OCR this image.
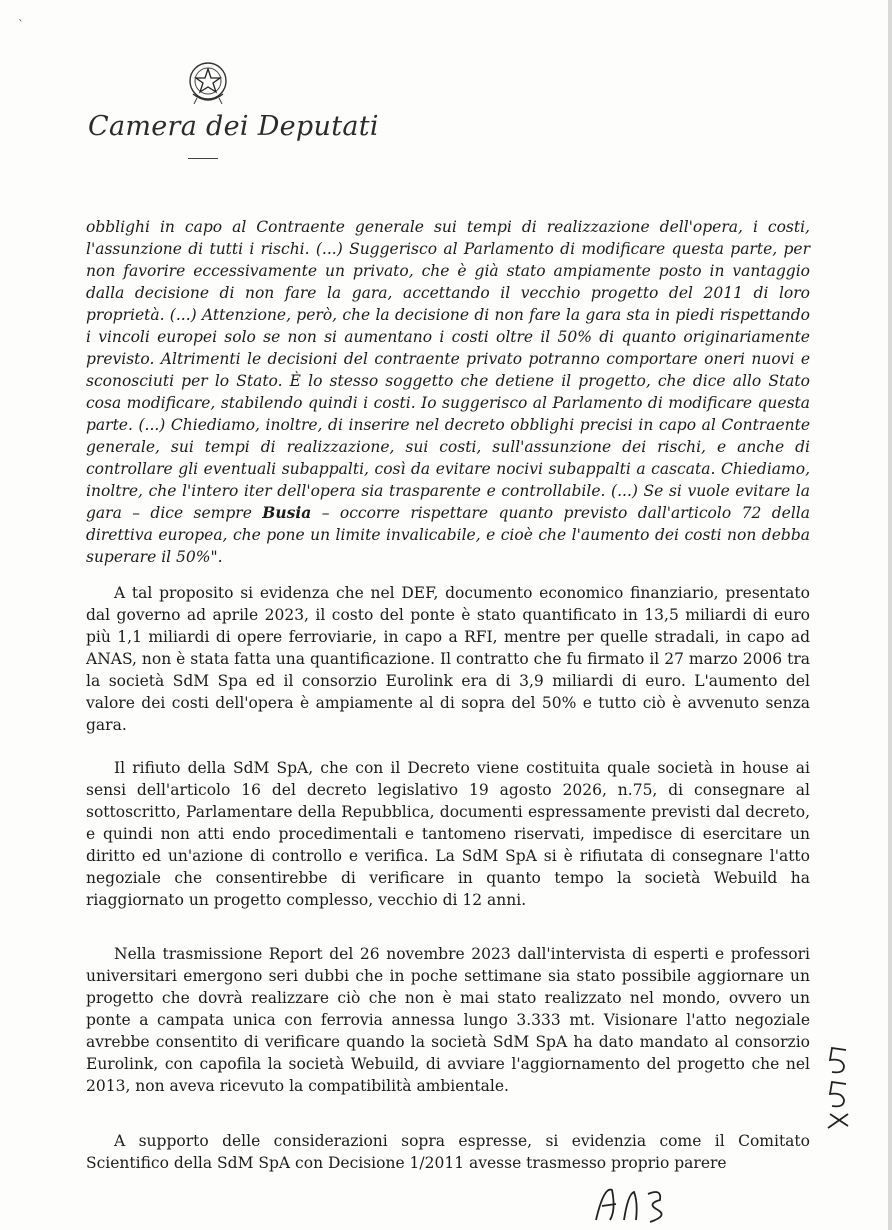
`
Camera dei Deputati
obblighi in capo al Contraente generale sui tempi di realizzazione dell'opera, i costi, l'assunzione di tutti i rischi. (...) Suggerisco al Parlamento di modificare questa parte, per non favorire eccessivamente un privato, che è già stato ampiamente posto in vantaggio dalla decisione di non fare la gara, accettando il vecchio progetto del 2011 di loro proprietà. (...) Attenzione, però, che la decisione di non fare la gara sta in piedi rispettando i vincoli europei solo se non si aumentano i costi oltre il 50% di quanto originariamente previsto. Altrimenti le decisioni del contraente privato potranno comportare oneri nuovi e sconosciuti per lo Stato. È lo stesso soggetto che detiene il progetto, che dice allo Stato cosa modificare, stabilendo quindi i costi. Io suggerisco al Parlamento di modificare questa parte. (...) Chiediamo, inoltre, di inserire nel decreto obblighi precisi in capo al Contraente generale, sui tempi di realizzazione, sui costi, sull'assunzione dei rischi, e anche di controllare gli eventuali subappalti, così da evitare nocivi subappalti a cascata. Chiediamo, inoltre, che l'intero iter dell'opera sia trasparente e controllabile. (...) Se si vuole evitare la gara – dice sempre Busia – occorre rispettare quanto previsto dall'articolo 72 della direttiva europea, che pone un limite invalicabile, e cioè che l'aumento dei costi non debba superare il 50%".
A tal proposito si evidenza che nel DEF, documento economico finanziario, presentato dal governo ad aprile 2023, il costo del ponte è stato quantificato in 13,5 miliardi di euro più 1,1 miliardi di opere ferroviarie, in capo a RFI, mentre per quelle stradali, in capo ad ANAS, non è stata fatta una quantificazione. Il contratto che fu firmato il 27 marzo 2006 tra la società SdM Spa ed il consorzio Eurolink era di 3,9 miliardi di euro. L'aumento del valore dei costi dell'opera è ampiamente al di sopra del 50% e tutto ciò è avvenuto senza gara.
Il rifiuto della SdM SpA, che con il Decreto viene costituita quale società in house ai sensi dell'articolo 16 del decreto legislativo 19 agosto 2026, n.75, di consegnare al sottoscritto, Parlamentare della Repubblica, documenti espressamente previsti dal decreto, e quindi non atti endo procedimentali e tantomeno riservati, impedisce di esercitare un diritto ed un'azione di controllo e verifica. La SdM SpA si è rifiutata di consegnare l'atto negoziale che consentirebbe di verificare in quanto tempo la società Webuild ha riaggiornato un progetto complesso, vecchio di 12 anni.
Nella trasmissione Report del 26 novembre 2023 dall'intervista di esperti e professori universitari emergono seri dubbi che in poche settimane sia stato possibile aggiornare un progetto che dovrà realizzare ciò che non è mai stato realizzato nel mondo, ovvero un ponte a campata unica con ferrovia annessa lungo 3.333 mt. Visionare l'atto negoziale avrebbe consentito di verificare quando la società SdM SpA ha dato mandato al consorzio Eurolink, con capofila la società Webuild, di avviare l'aggiornamento del progetto che nel 2013, non aveva ricevuto la compatibilità ambientale.
A supporto delle considerazioni sopra espresse, si evidenzia come il Comitato Scientifico della SdM SpA con Decisione 1/2011 avesse trasmesso proprio parere
